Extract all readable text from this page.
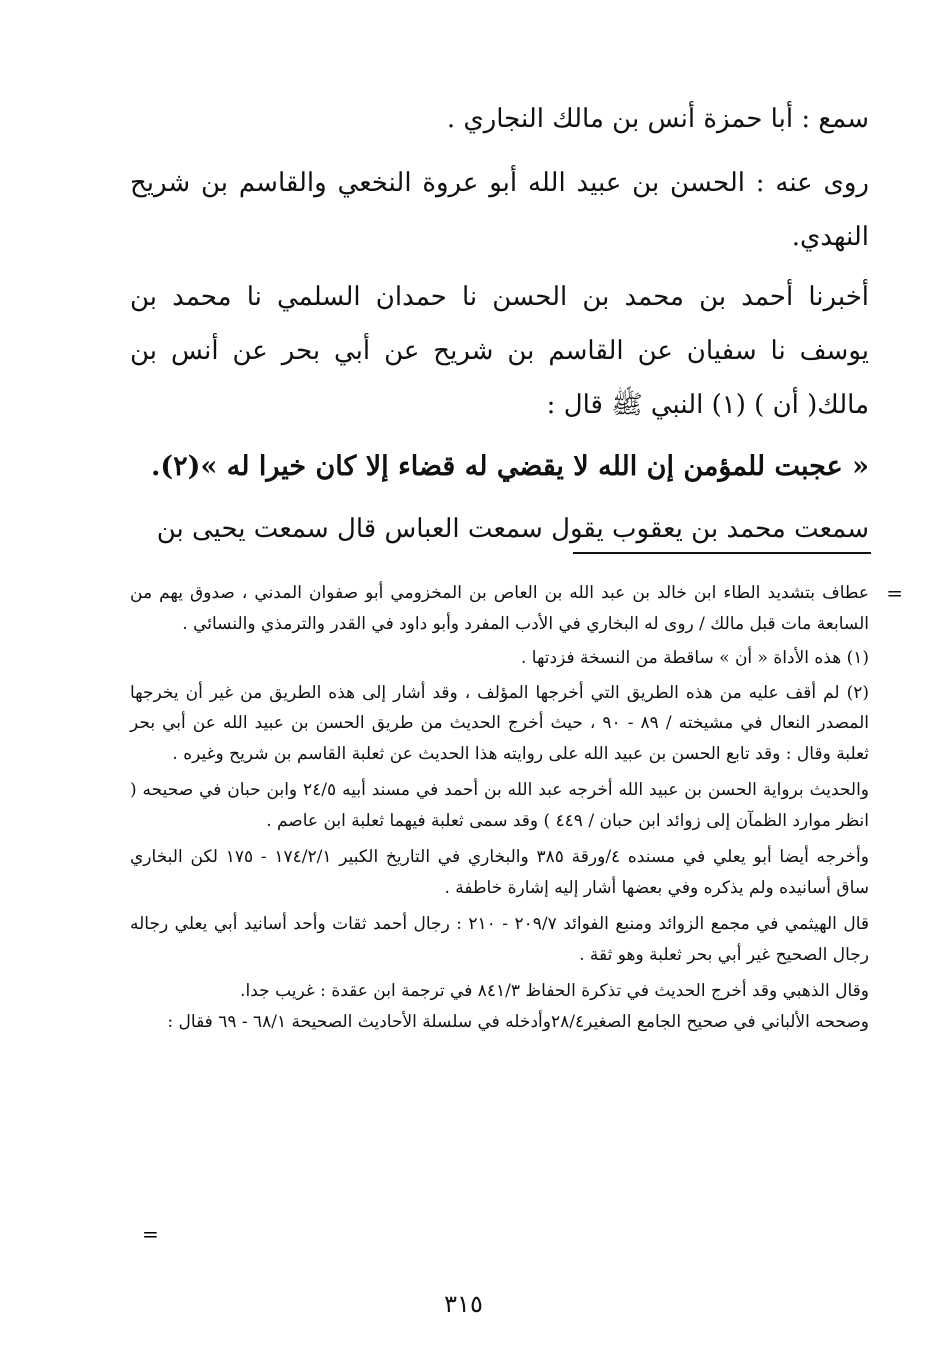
سمع : أبا حمزة أنس بن مالك النجاري .

روى عنه : الحسن بن عبيد الله أبو عروة النخعي والقاسم بن شريح النهدي.

أخبرنا أحمد بن محمد بن الحسن نا حمدان السلمي نا محمد بن يوسف نا سفيان عن القاسم بن شريح عن أبي بحر عن أنس بن مالك( أن ) (١) النبي ﷺ قال :

« عجبت للمؤمن إن الله لا يقضي له قضاء إلا كان خيرا له »(٢).

سمعت محمد بن يعقوب يقول سمعت العباس قال سمعت يحيى بن

=

عطاف بتشديد الطاء ابن خالد بن عبد الله بن العاص بن المخزومي أبو صفوان المدني ، صدوق يهم من السابعة مات قبل مالك / روى له البخاري في الأدب المفرد وأبو داود في القدر والترمذي والنسائي .

(١) هذه الأداة « أن » ساقطة من النسخة فزدتها .

(٢) لم أقف عليه من هذه الطريق التي أخرجها المؤلف ، وقد أشار إلى هذه الطريق من غير أن يخرجها المصدر النعال في مشيخته / ٨٩ - ٩٠ ، حيث أخرج الحديث من طريق الحسن بن عبيد الله عن أبي بحر ثعلبة وقال : وقد تابع الحسن بن عبيد الله على روايته هذا الحديث عن ثعلبة القاسم بن شريح وغيره .

والحديث برواية الحسن بن عبيد الله أخرجه عبد الله بن أحمد في مسند أبيه ٢٤/٥ وابن حبان في صحيحه ( انظر موارد الظمآن إلى زوائد ابن حبان / ٤٤٩ ) وقد سمى ثعلبة فيهما ثعلبة ابن عاصم .

وأخرجه أيضا أبو يعلي في مسنده ٤/ورقة ٣٨٥ والبخاري في التاريخ الكبير ١٧٤/٢/١ - ١٧٥ لكن البخاري ساق أسانيده ولم يذكره وفي بعضها أشار إليه إشارة خاطفة .

قال الهيثمي في مجمع الزوائد ومنبع الفوائد ٢٠٩/٧ - ٢١٠ : رجال أحمد ثقات وأحد أسانيد أبي يعلي رجاله رجال الصحيح غير أبي بحر ثعلبة وهو ثقة .

وقال الذهبي وقد أخرج الحديث في تذكرة الحفاظ ٨٤١/٣ في ترجمة ابن عقدة : غريب جدا.

وصححه الألباني في صحيح الجامع الصغير٢٨/٤وأدخله في سلسلة الأحاديث الصحيحة ٦٨/١ - ٦٩ فقال :

=
٣١٥
